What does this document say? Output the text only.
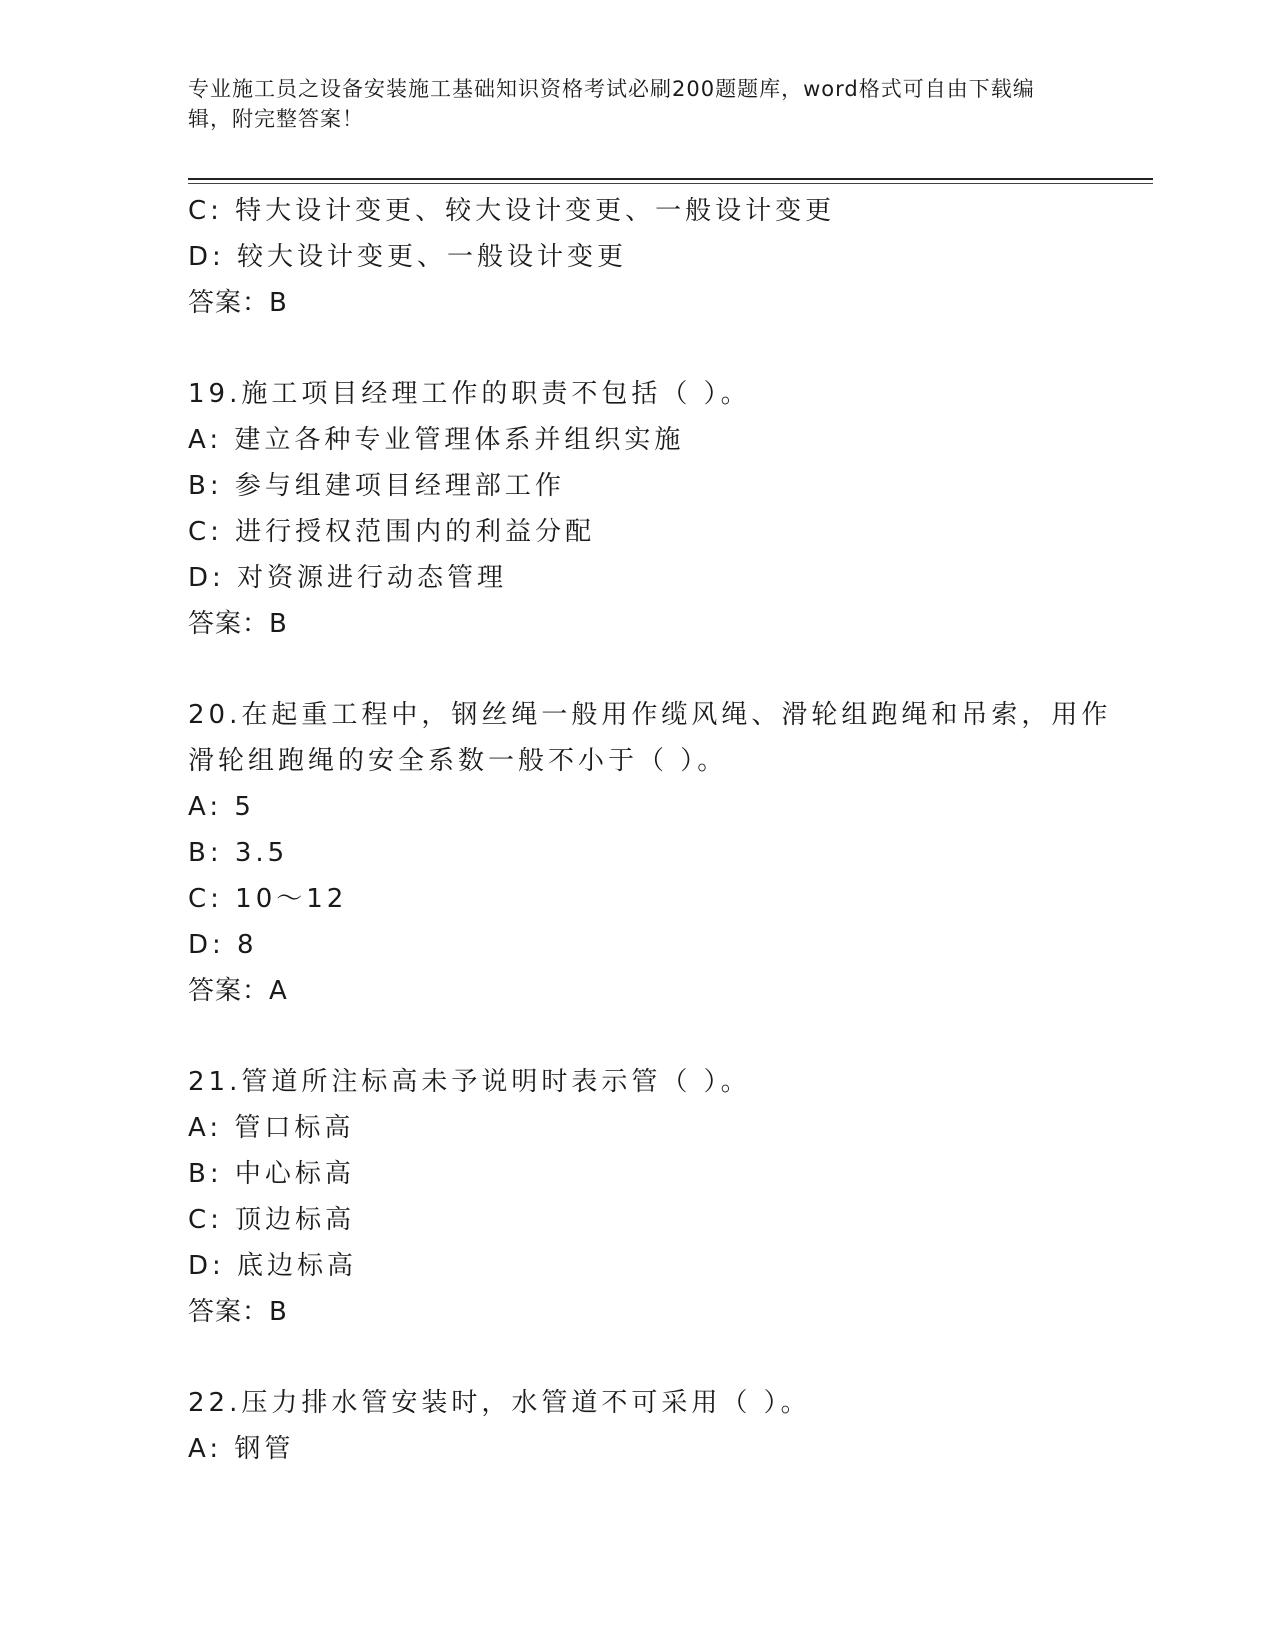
专业施工员之设备安装施工基础知识资格考试必刷200题题库，word格式可自由下载编辑，附完整答案！
C: 特大设计变更、较大设计变更、一般设计变更
D: 较大设计变更、一般设计变更
答案：B
19.施工项目经理工作的职责不包括（ ）。
A: 建立各种专业管理体系并组织实施
B: 参与组建项目经理部工作
C: 进行授权范围内的利益分配
D: 对资源进行动态管理
答案：B
20.在起重工程中，钢丝绳一般用作缆风绳、滑轮组跑绳和吊索，用作
滑轮组跑绳的安全系数一般不小于（ ）。
A: 5
B: 3.5
C: 10～12
D: 8
答案：A
21.管道所注标高未予说明时表示管（ ）。
A: 管口标高
B: 中心标高
C: 顶边标高
D: 底边标高
答案：B
22.压力排水管安装时，水管道不可采用（ ）。
A: 钢管
